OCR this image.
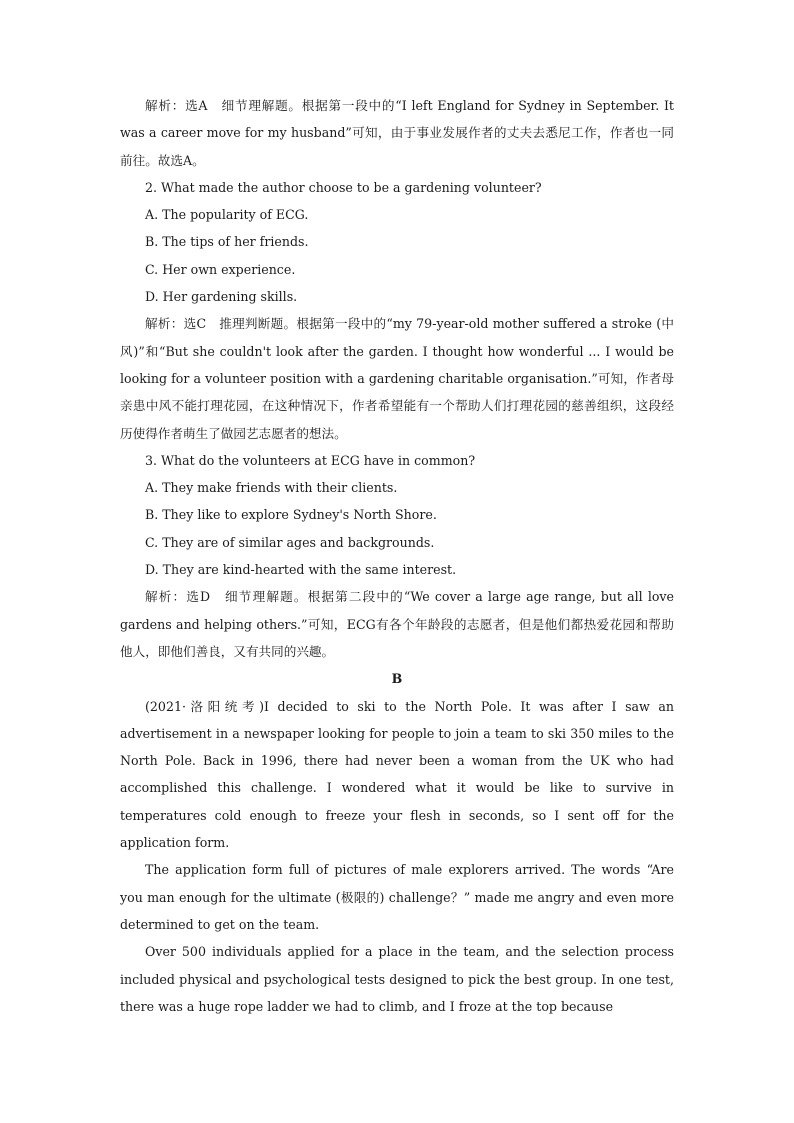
解析：选A　细节理解题。根据第一段中的“I left England for Sydney in September. It was a career move for my husband”可知，由于事业发展作者的丈夫去悉尼工作，作者也一同前往。故选A。

2. What made the author choose to be a gardening volunteer?

A. The popularity of ECG.

B. The tips of her friends.

C. Her own experience.

D. Her gardening skills.

解析：选C　推理判断题。根据第一段中的“my 79-year-old mother suffered a stroke (中风)”和“But she couldn't look after the garden. I thought how wonderful ... I would be looking for a volunteer position with a gardening charitable organisation.”可知，作者母亲患中风不能打理花园，在这种情况下，作者希望能有一个帮助人们打理花园的慈善组织，这段经历使得作者萌生了做园艺志愿者的想法。

3. What do the volunteers at ECG have in common?

A. They make friends with their clients.

B. They like to explore Sydney's North Shore.

C. They are of similar ages and backgrounds.

D. They are kind-hearted with the same interest.

解析：选D　细节理解题。根据第二段中的“We cover a large age range, but all love gardens and helping others.”可知，ECG有各个年龄段的志愿者，但是他们都热爱花园和帮助他人，即他们善良，又有共同的兴趣。

B

(2021·洛阳统考)I decided to ski to the North Pole. It was after I saw an advertisement in a newspaper looking for people to join a team to ski 350 miles to the North Pole. Back in 1996, there had never been a woman from the UK who had accomplished this challenge. I wondered what it would be like to survive in temperatures cold enough to freeze your flesh in seconds, so I sent off for the application form.

The application form full of pictures of male explorers arrived. The words “Are you man enough for the ultimate (极限的) challenge？” made me angry and even more determined to get on the team.

Over 500 individuals applied for a place in the team, and the selection process included physical and psychological tests designed to pick the best group. In one test, there was a huge rope ladder we had to climb, and I froze at the top because
